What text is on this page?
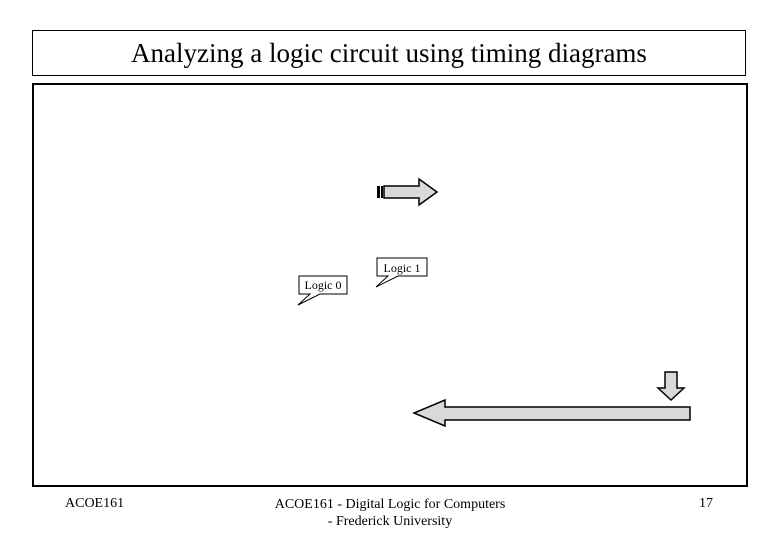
Analyzing a logic circuit using timing diagrams
Logic 1
Logic 0
ACOE161	ACOE161 - Digital Logic for Computers
- Frederick University
17
